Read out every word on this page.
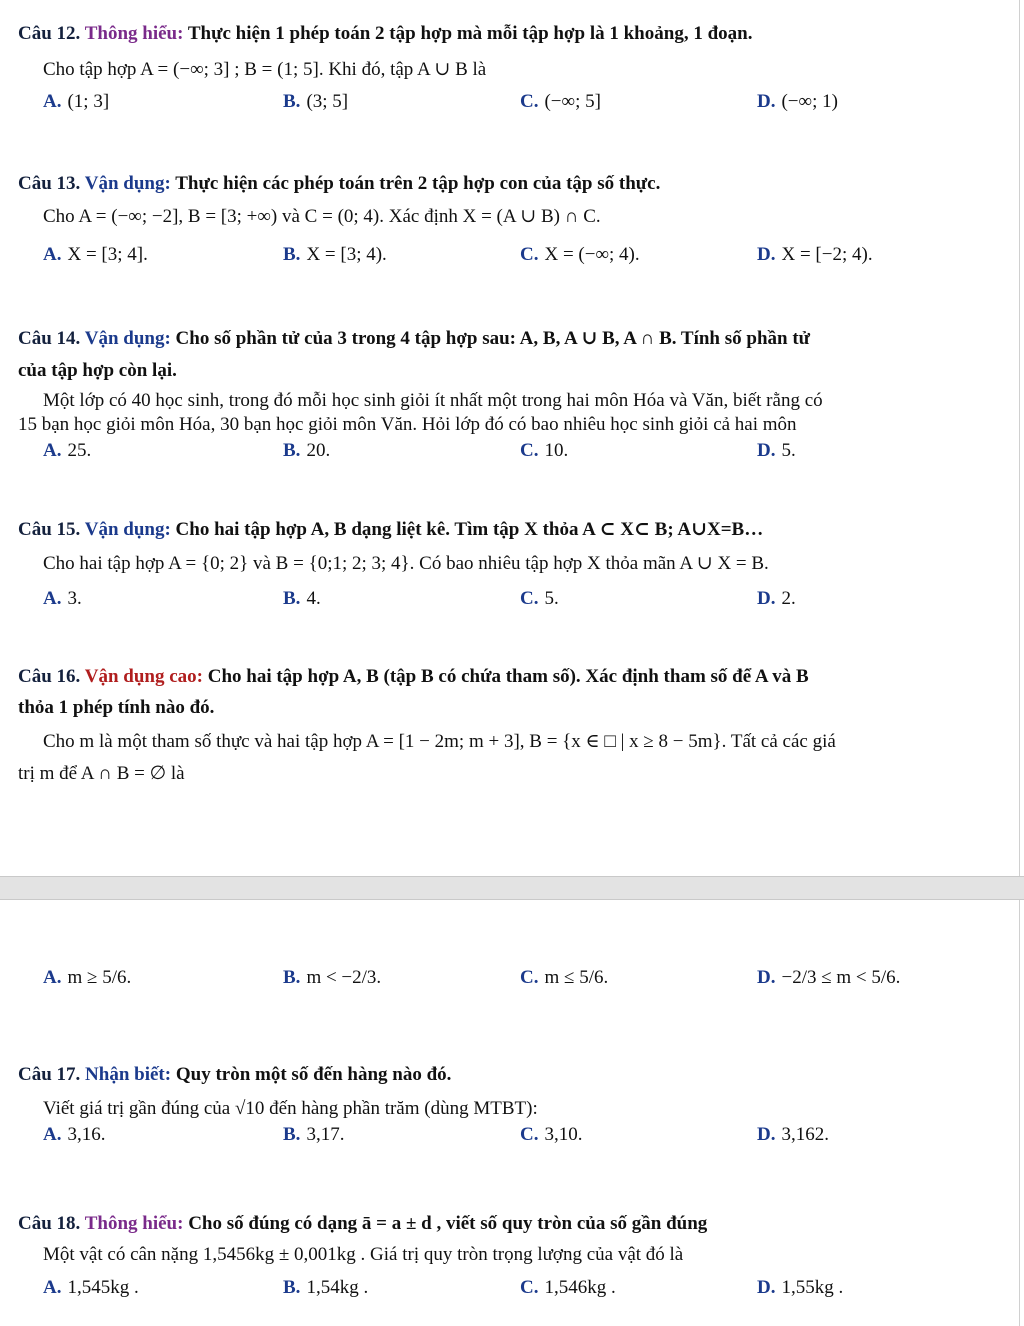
Câu 12. Thông hiểu: Thực hiện 1 phép toán 2 tập hợp mà mỗi tập hợp là 1 khoảng, 1 đoạn.
Cho tập hợp A = (−∞; 3] ; B = (1; 5]. Khi đó, tập A ∪ B là
A. (1; 3]	B. (3; 5]	C. (−∞; 5]	D. (−∞; 1)
Câu 13. Vận dụng: Thực hiện các phép toán trên 2 tập hợp con của tập số thực.
Cho A = (−∞; −2], B = [3; +∞) và C = (0; 4). Xác định X = (A ∪ B) ∩ C.
A. X = [3; 4].	B. X = [3; 4).	C. X = (−∞; 4).	D. X = [−2; 4).
Câu 14. Vận dụng: Cho số phần tử của 3 trong 4 tập hợp sau: A, B, A ∪ B, A ∩ B. Tính số phần tử
của tập hợp còn lại.
Một lớp có 40 học sinh, trong đó mỗi học sinh giỏi ít nhất một trong hai môn Hóa và Văn, biết rằng có
15 bạn học giỏi môn Hóa, 30 bạn học giỏi môn Văn. Hỏi lớp đó có bao nhiêu học sinh giỏi cả hai môn
A. 25.	B. 20.	C. 10.	D. 5.
Câu 15. Vận dụng: Cho hai tập hợp A, B dạng liệt kê. Tìm tập X thỏa A ⊂ X⊂ B; A∪X=B…
Cho hai tập hợp A = {0; 2} và B = {0;1; 2; 3; 4}. Có bao nhiêu tập hợp X thỏa mãn A ∪ X = B.
A. 3.	B. 4.	C. 5.	D. 2.
Câu 16. Vận dụng cao: Cho hai tập hợp A, B (tập B có chứa tham số). Xác định tham số để A và B
thỏa 1 phép tính nào đó.
Cho m là một tham số thực và hai tập hợp A = [1 − 2m; m + 3], B = {x ∈ □ | x ≥ 8 − 5m}. Tất cả các giá
trị m để A ∩ B = ∅ là
A. m ≥ 5/6.	B. m < −2/3.	C. m ≤ 5/6.	D. −2/3 ≤ m < 5/6.
Câu 17. Nhận biết: Quy tròn một số đến hàng nào đó.
Viết giá trị gần đúng của √10 đến hàng phần trăm (dùng MTBT):
A. 3,16.	B. 3,17.	C. 3,10.	D. 3,162.
Câu 18. Thông hiểu: Cho số đúng có dạng ā = a ± d , viết số quy tròn của số gần đúng
Một vật có cân nặng 1,5456kg ± 0,001kg . Giá trị quy tròn trọng lượng của vật đó là
A. 1,545kg .	B. 1,54kg .	C. 1,546kg .	D. 1,55kg .
